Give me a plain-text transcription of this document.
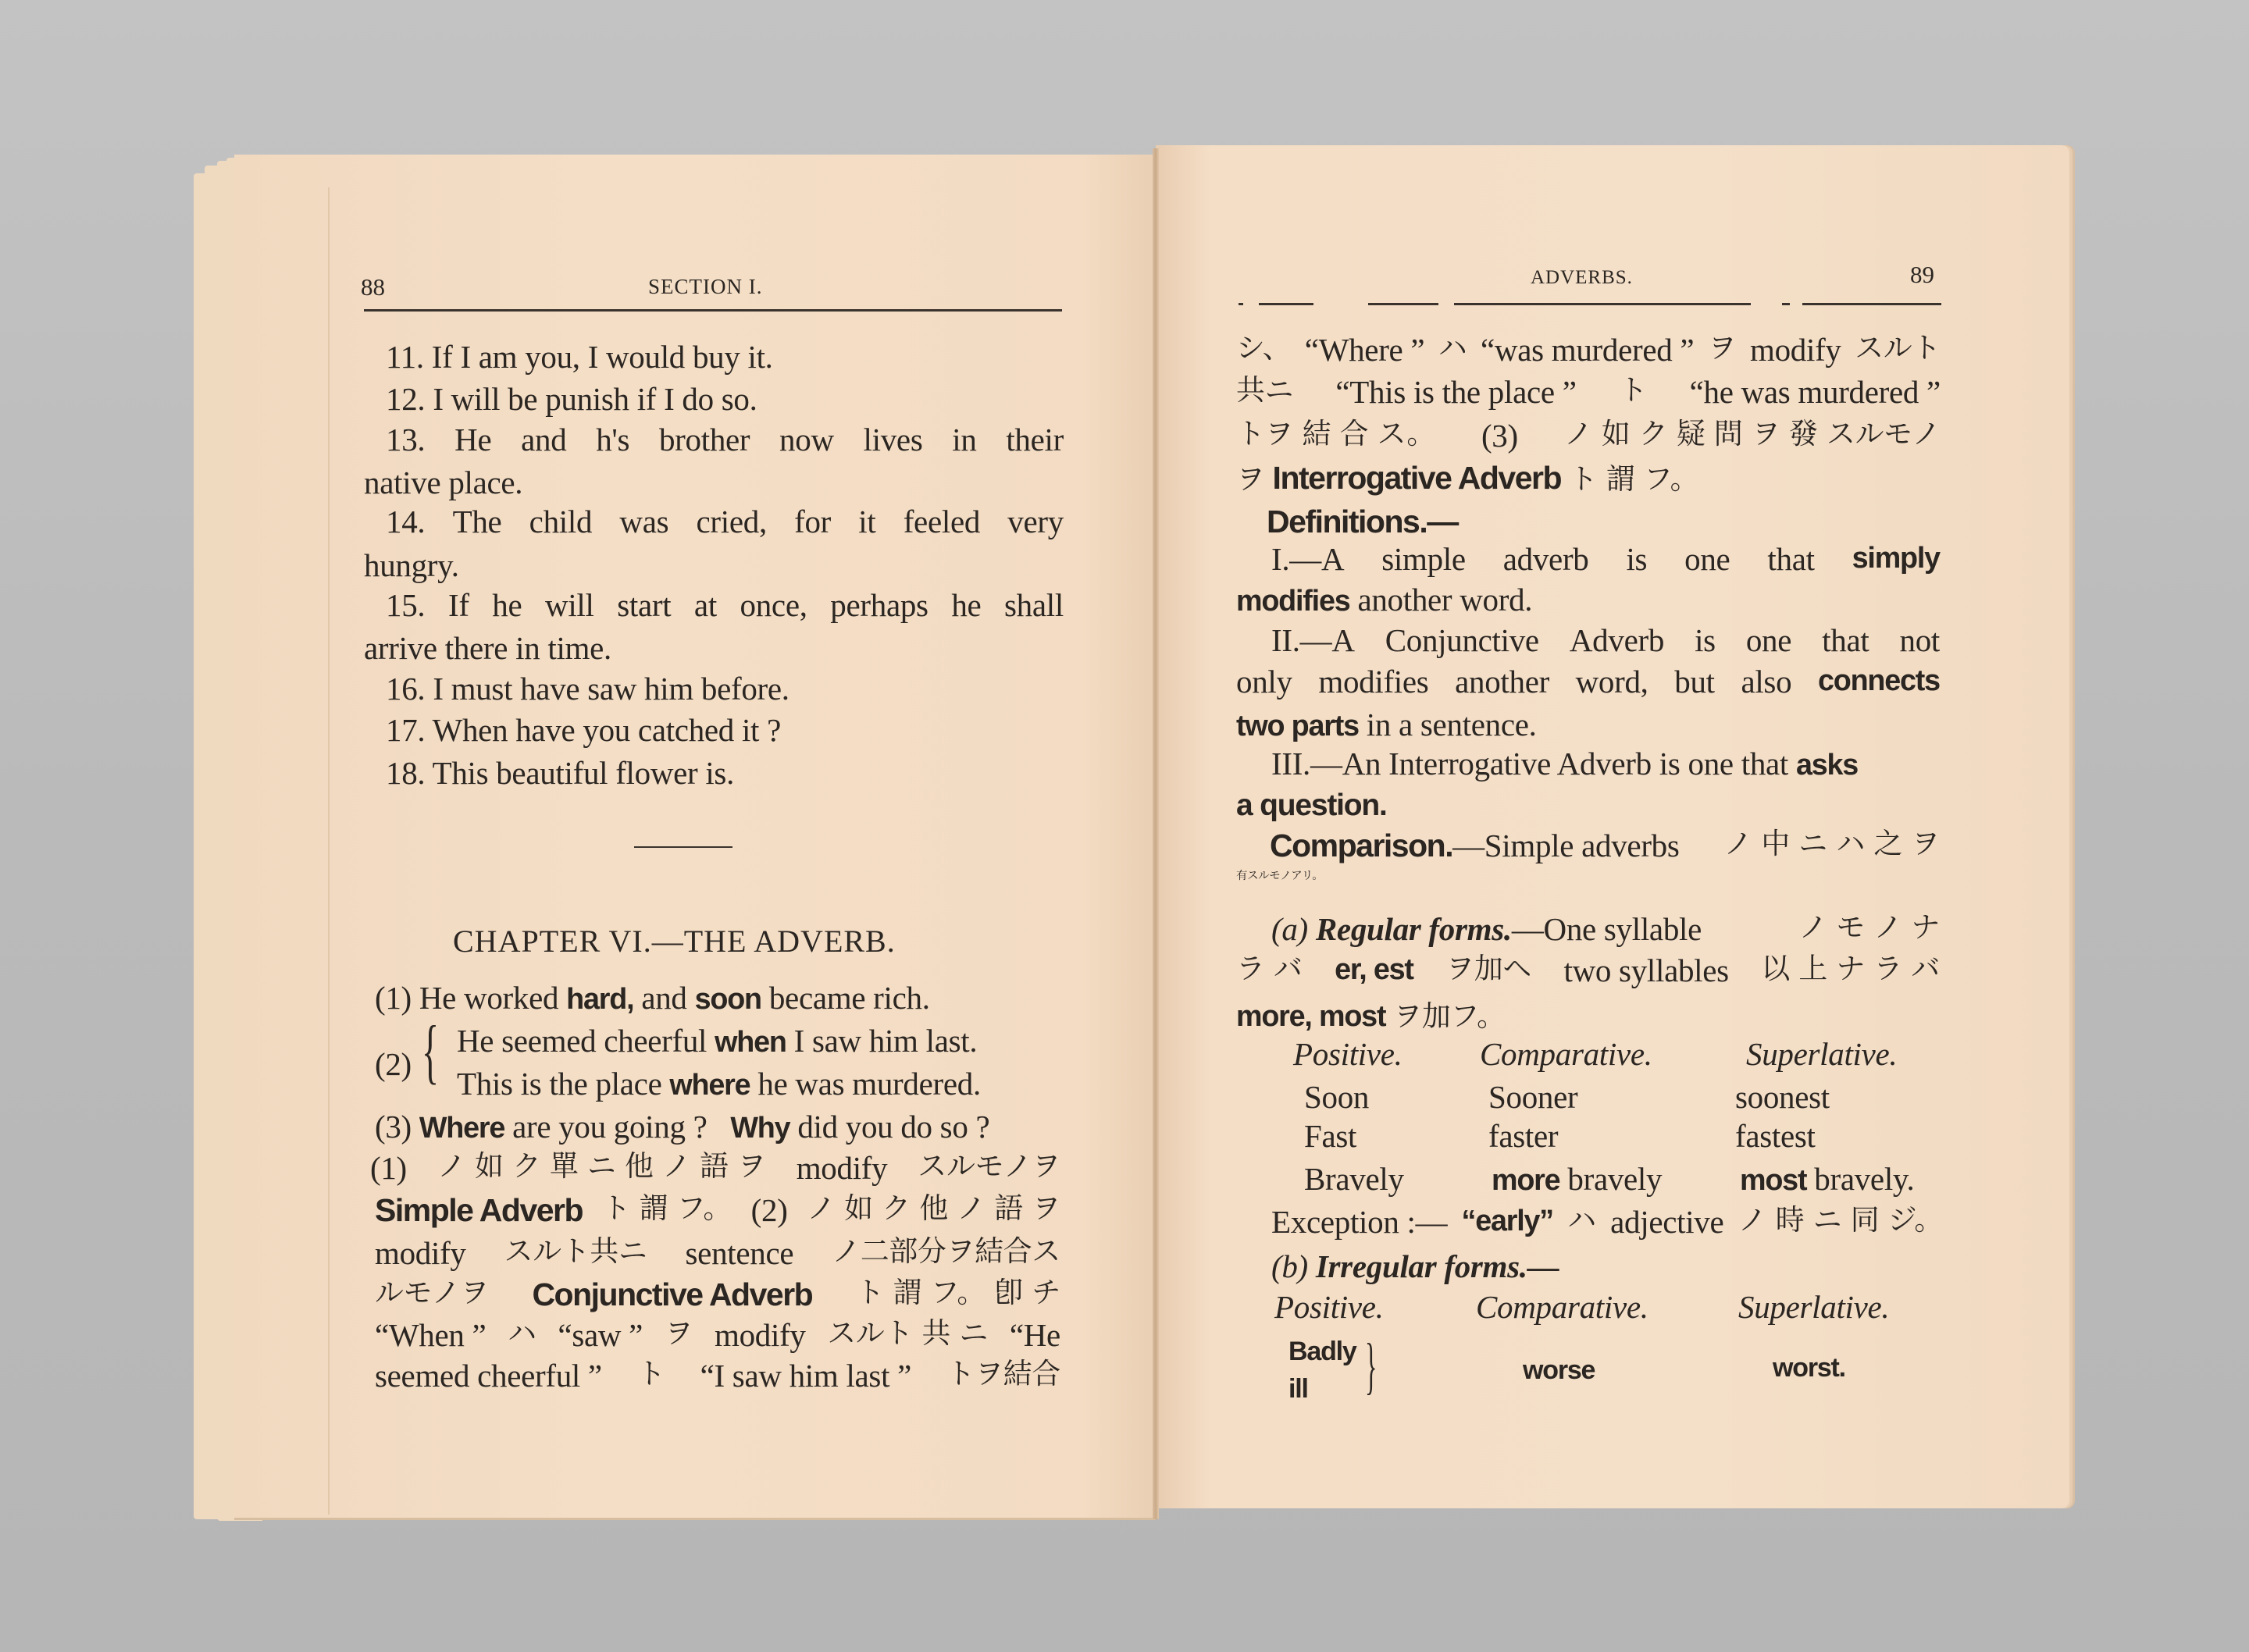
88	SECTION I.
11. If I am you, I would buy it.
12. I will be punish if I do so.
13. He and h's brother now lives in their
native place.
14. The child was cried, for it feeled very
hungry.
15. If he will start at once, perhaps he shall
arrive there in time.
16. I must have saw him before.
17. When have you catched it ?
18. This beautiful flower is.
CHAPTER VI.—THE ADVERB.
(1) He worked hard, and soon became rich.
(2) { He seemed cheerful when I saw him last.
This is the place where he was murdered.
(3) Where are you going ? Why did you do so ?
(1) ノ 如 ク 單 ニ 他 ノ 語 ヲ modify スルモノヲ
Simple Adverb ト 謂 フ。 (2) ノ 如 ク 他 ノ 語 ヲ
modify スルト共ニ sentence ノ二部分ヲ結合ス
ルモノヲ Conjunctive Adverb ト 謂 フ。 卽 チ
“When ” ハ “saw ” ヲ modify スルト 共 ニ “He
seemed cheerful ” ト “I saw him last ” トヲ結合
ADVERBS.	89
シ、 “Where ” ハ “was murdered ” ヲ modify スルト
共ニ “This is the place ” ト “he was murdered ”
トヲ 結 合 ス。 (3) ノ 如 ク 疑 問 ヲ 發 スルモノ
ヲ Interrogative Adverb ト 謂 フ。
Definitions.—
I.—A simple adverb is one that simply
modifies another word.
II.—A Conjunctive Adverb is one that not
only modifies another word, but also connects
two parts in a sentence.
III.—An Interrogative Adverb is one that asks
a question.
Comparison.—Simple adverbs ノ 中 ニ ハ 之 ヲ
有スルモノアリ。
(a) Regular forms.—One syllable	ノ モ ノ ナ
ラ バ er, est ヲ加ヘ two syllables 以 上 ナ ラ バ
more, most ヲ加フ。
Positive. Comparative.	Superlative.
Soon	Sooner	soonest
Fast	faster	fastest
Bravely	more bravely	most bravely.
Exception :— “early” ハ adjective ノ 時 ニ 同 ジ。
(b) Irregular forms.—
Positive.	Comparative.	Superlative.
Badly
ill }	worse	worst.
